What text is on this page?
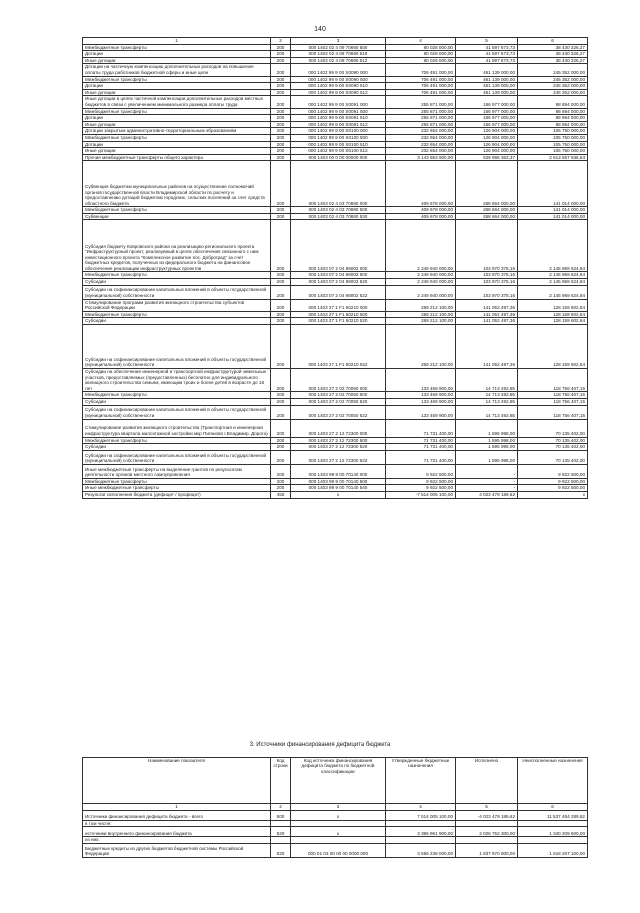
140
1	2	3	4	5	6
Межбюджетные трансферты	200	000 1402 02 4 09 70690 500	80 028 000,00	41 597 673,73	38 430 326,27
Дотации	200	000 1402 02 4 09 70690 510	80 028 000,00	41 597 673,73	38 430 326,27
Иные дотации	200	000 1402 02 4 09 70690 512	80 028 000,00	41 597 673,73	38 430 326,27
Дотации на частичную компенсацию дополнительных расходов на повышение оплаты труда работников бюджетной сферы и иные цели	200	000 1402 99 9 00 S0090 000	706 491 000,00	461 139 000,00	245 352 000,00
Межбюджетные трансферты	200	000 1402 99 9 00 S0090 500	706 491 000,00	461 139 000,00	245 352 000,00
Дотации	200	000 1402 99 9 00 S0090 510	706 491 000,00	461 139 000,00	245 352 000,00
Иные дотации	200	000 1402 99 9 00 S0090 512	706 491 000,00	461 139 000,00	245 352 000,00
Иные дотации в целях частичной компенсации дополнительных расходов местных бюджетов в связи с увеличением минимального размера оплаты труда	200	000 1402 99 9 00 S0091 000	255 871 000,00	166 977 000,00	88 894 000,00
Межбюджетные трансферты	200	000 1402 99 9 00 S0091 500	255 871 000,00	166 977 000,00	88 894 000,00
Дотации	200	000 1402 99 9 00 S0091 510	255 871 000,00	166 977 000,00	88 894 000,00
Иные дотации	200	000 1402 99 9 00 S0091 512	255 871 000,00	166 977 000,00	88 894 000,00
Дотации закрытым административно-территориальным образованиям	200	000 1402 99 9 00 S0100 000	232 654 000,00	126 904 000,00	105 750 000,00
Межбюджетные трансферты	200	000 1402 99 9 00 S0100 500	232 654 000,00	126 904 000,00	105 750 000,00
Дотации	200	000 1402 99 9 00 S0100 510	232 654 000,00	126 904 000,00	105 750 000,00
Иные дотации	200	000 1402 99 9 00 S0100 512	232 654 000,00	126 904 000,00	105 750 000,00
Прочие межбюджетные трансферты общего характера	200	000 1403 00 0 00 00000 000	3 143 553 900,00	529 996 363,37	2 613 557 536,63
Субвенция бюджетам муниципальных районов на осуществление полномочий органов государственной власти Владимирской области по расчету и предоставлению дотаций бюджетам городских, сельских поселений за счет средств областного бюджета	200	000 1403 02 4 03 70880 000	409 678 000,00	268 664 000,00	141 014 000,00
Межбюджетные трансферты	200	000 1403 02 4 03 70880 500	409 678 000,00	268 664 000,00	141 014 000,00
Субвенции	200	000 1403 02 4 03 70880 530	409 678 000,00	268 664 000,00	141 014 000,00
Субсидия бюджету Ковровского района на реализацию регионального проекта "Инфраструктурный проект, реализуемый в целях обеспечения связанного с ним инвестиционного проекта "Комплексное развитие пос. Доброград" за счет бюджетных кредитов, полученных из федерального бюджета на финансовое обеспечение реализации инфраструктурных проектов	200	000 1403 07 2 04 98002 000	2 249 940 000,00	103 970 375,16	2 145 969 624,84
Межбюджетные трансферты	200	000 1403 07 2 04 98002 500	2 249 940 000,00	103 970 375,16	2 145 969 624,84
Субсидии	200	000 1403 07 2 04 98002 520	2 249 940 000,00	103 970 375,16	2 145 969 624,84
Субсидии на софинансирование капитальных вложений в объекты государственной (муниципальной) собственности	200	000 1403 07 2 04 98002 522	2 249 940 000,00	103 970 375,16	2 145 969 624,84
Стимулирование программ развития жилищного строительства субъектов Российской Федерации	200	000 1403 27 1 F1 50210 000	269 212 100,00	141 052 497,36	128 159 602,64
Межбюджетные трансферты	200	000 1403 27 1 F1 50210 500	269 212 100,00	141 052 497,36	128 159 602,64
Субсидии	200	000 1403 27 1 F1 50210 520	269 212 100,00	141 052 497,36	128 159 602,64
Субсидии на софинансирование капитальных вложений в объекты государственной (муниципальной) собственности	200	000 1403 27 1 F1 50210 522	269 212 100,00	141 052 497,36	128 159 602,64
Субсидии на обеспечение инженерной и транспортной инфраструктурой земельных участков, предоставляемых (предоставленных) бесплатно для индивидуального жилищного строительства семьям, имеющим троих и более детей в возрасте до 18 лет	200	000 1403 27 2 02 70050 000	133 469 900,00	14 713 492,85	118 756 407,15
Межбюджетные трансферты	200	000 1403 27 2 02 70050 500	133 469 900,00	14 713 492,85	118 756 407,15
Субсидии	200	000 1403 27 2 02 70050 520	133 469 900,00	14 713 492,85	118 756 407,15
Субсидии на софинансирование капитальных вложений в объекты государственной (муниципальной) собственности	200	000 1403 27 2 02 70050 522	133 469 900,00	14 713 492,85	118 756 407,15
Стимулирование развития жилищного строительства (Транспортная и инженерная инфраструктура квартала малоэтажной застройки мкр Пиганово г.Владимир. Дорогн)	200	000 1403 27 2 12 72300 000	71 731 400,00	1 595 998,00	70 135 402,00
Межбюджетные трансферты	200	000 1403 27 2 12 72300 500	71 731 400,00	1 595 998,00	70 135 402,00
Субсидии	200	000 1403 27 2 12 72300 520	71 731 400,00	1 595 998,00	70 135 402,00
Субсидии на софинансирование капитальных вложений в объекты государственной (муниципальной) собственности	200	000 1403 27 2 12 72300 522	71 731 400,00	1 595 998,00	70 135 402,00
Иные межбюджетные трансферты на выделение грантов по результатам деятельности органов местного самоуправления	200	000 1403 99 9 00 70140 000	9 922 500,00	-	9 922 500,00
Межбюджетные трансферты	200	000 1403 99 9 00 70140 500	9 922 500,00	-	9 922 500,00
Иные межбюджетные трансферты	200	000 1403 99 9 00 70140 540	9 922 500,00	-	9 922 500,00
Результат исполнения бюджета (дефицит / профицит)	450	x	-7 514 005 100,00	4 023 479 189,62	x
3. Источники финансирования дефицита бюджета
Наименование показателя	Код строки	Код источника финансирования дефицита бюджета по бюджетной классификации	Утвержденные бюджетные назначения	Исполнено	Неисполненные назначения
1	2	3	4	5	6
Источники финансирования дефицита бюджета - всего	500	x	7 514 005 100,00	-4 023 479 189,62	11 537 484 289,62
в том числе:					
источники внутреннего финансирования бюджета	520	x	3 366 961 900,00	2 026 752 300,00	1 340 209 600,00
из них:					
Бюджетные кредиты из других бюджетов бюджетной системы Российской Федерации	520	000 01 03 00 00 00 0000 000	3 556 238 000,00	1 937 970 900,00	1 618 267 100,00
